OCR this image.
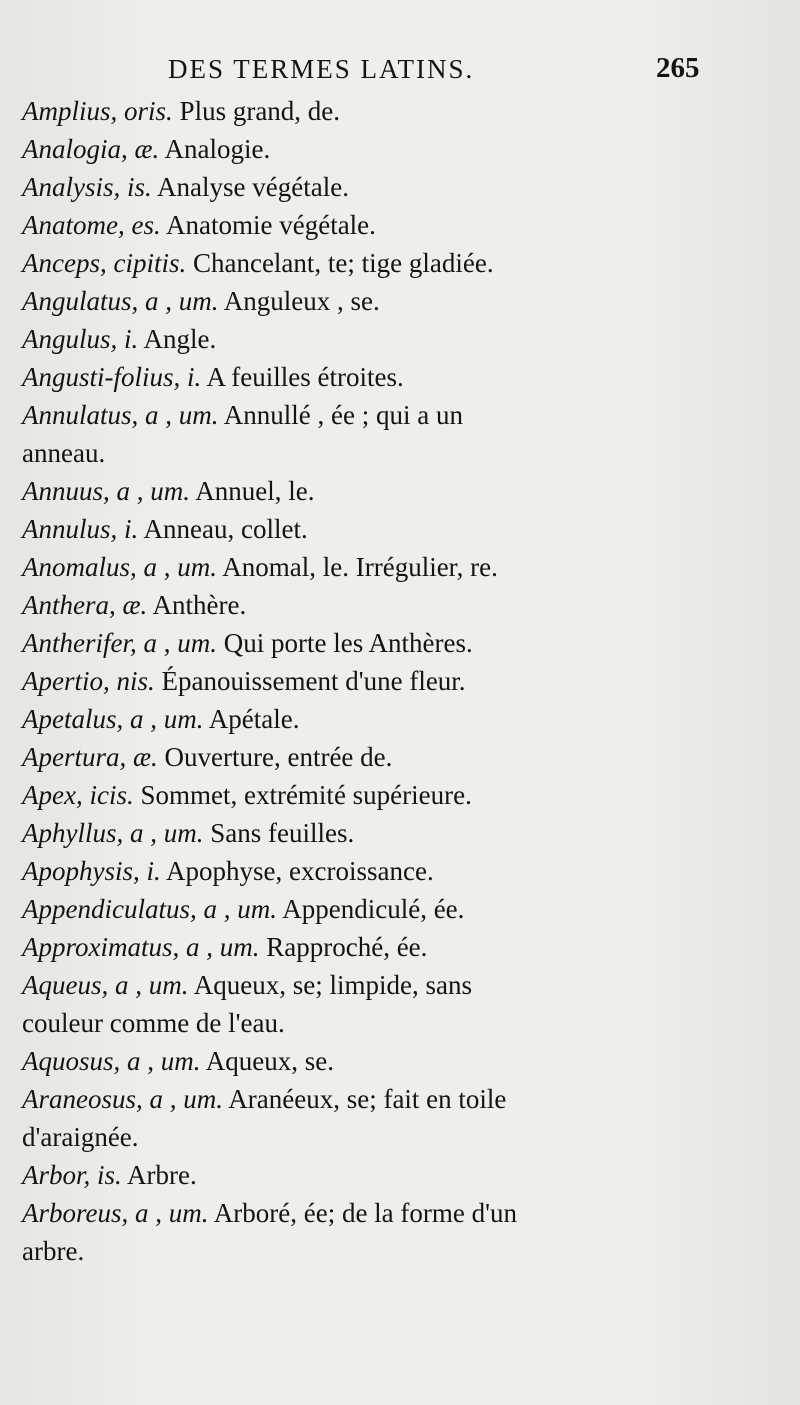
DES TERMES LATINS.	265
Amplius, oris. Plus grand, de.
Analogia, æ. Analogie.
Analysis, is. Analyse végétale.
Anatome, es. Anatomie végétale.
Anceps, cipitis. Chancelant, te; tige gladiée.
Angulatus, a , um. Anguleux , se.
Angulus, i. Angle.
Angusti-folius, i. A feuilles étroites.
Annulatus, a , um. Annullé , ée ; qui a un
anneau.
Annuus, a , um. Annuel, le.
Annulus, i. Anneau, collet.
Anomalus, a , um. Anomal, le. Irrégulier, re.
Anthera, æ. Anthère.
Antherifer, a , um. Qui porte les Anthères.
Apertio, nis. Épanouissement d'une fleur.
Apetalus, a , um. Apétale.
Apertura, æ. Ouverture, entrée de.
Apex, icis. Sommet, extrémité supérieure.
Aphyllus, a , um. Sans feuilles.
Apophysis, i. Apophyse, excroissance.
Appendiculatus, a , um. Appendiculé, ée.
Approximatus, a , um. Rapproché, ée.
Aqueus, a , um. Aqueux, se; limpide, sans
couleur comme de l'eau.
Aquosus, a , um. Aqueux, se.
Araneosus, a , um. Aranéeux, se; fait en toile
d'araignée.
Arbor, is. Arbre.
Arboreus, a , um. Arboré, ée; de la forme d'un
arbre.
